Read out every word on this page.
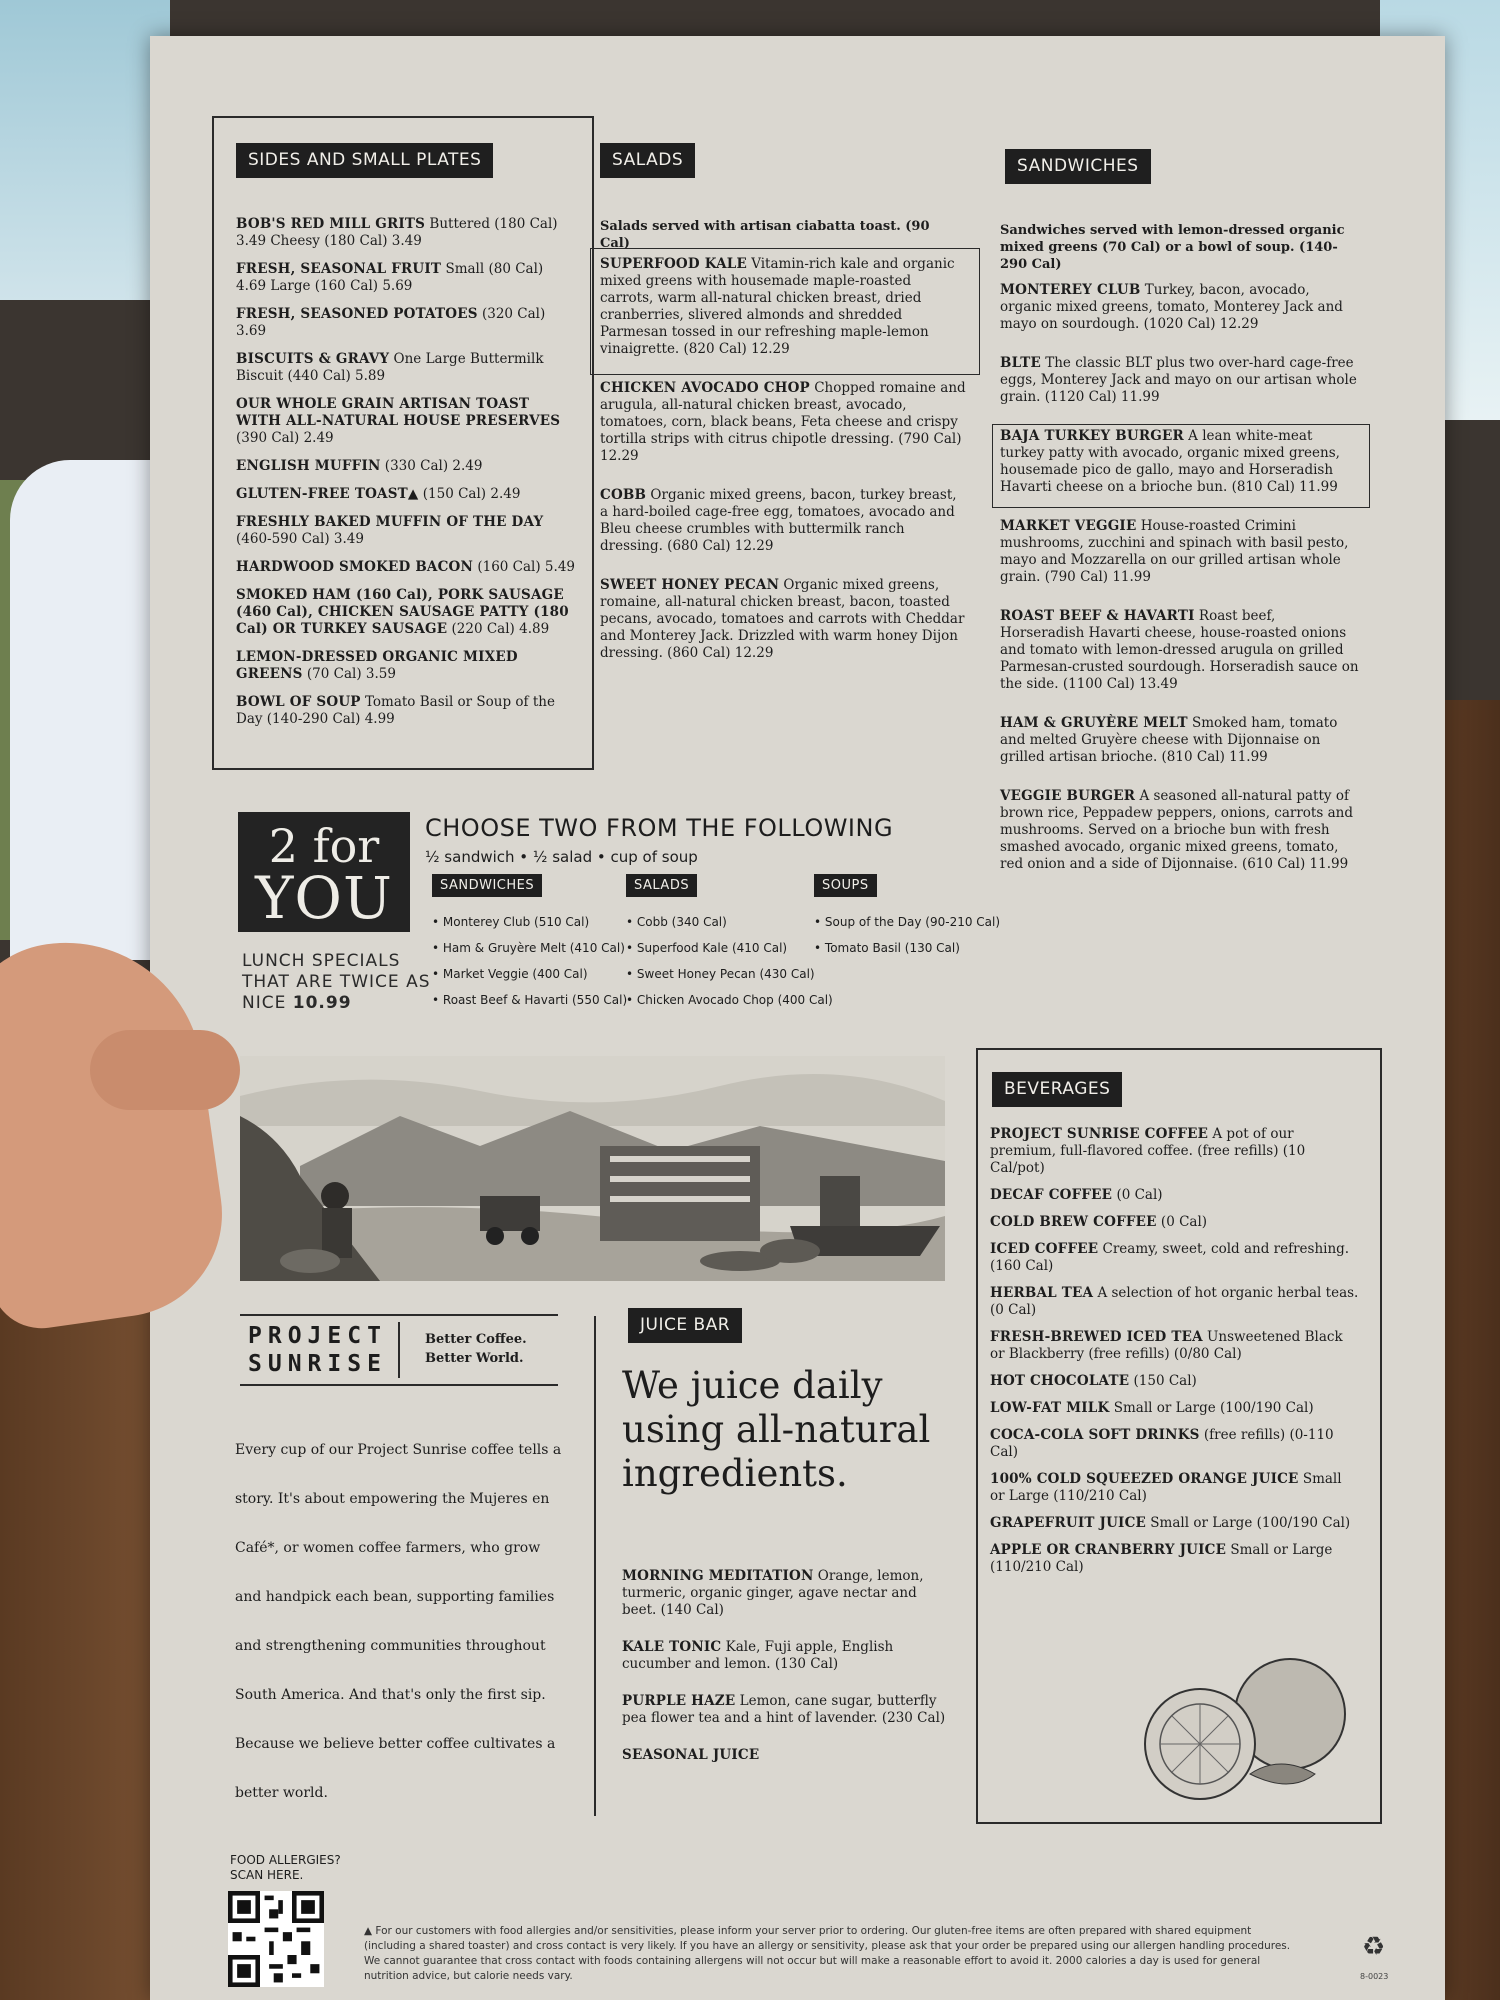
SIDES AND SMALL PLATES

BOB'S RED MILL GRITS Buttered (180 Cal) 3.49 Cheesy (180 Cal) 3.49

FRESH, SEASONAL FRUIT Small (80 Cal) 4.69 Large (160 Cal) 5.69

FRESH, SEASONED POTATOES (320 Cal) 3.69

BISCUITS & GRAVY One Large Buttermilk Biscuit (440 Cal) 5.89

OUR WHOLE GRAIN ARTISAN TOAST WITH ALL-NATURAL HOUSE PRESERVES (390 Cal) 2.49

ENGLISH MUFFIN (330 Cal) 2.49

GLUTEN-FREE TOAST▲ (150 Cal) 2.49

FRESHLY BAKED MUFFIN OF THE DAY (460-590 Cal) 3.49

HARDWOOD SMOKED BACON (160 Cal) 5.49

SMOKED HAM (160 Cal), PORK SAUSAGE (460 Cal), CHICKEN SAUSAGE PATTY (180 Cal) OR TURKEY SAUSAGE (220 Cal) 4.89

LEMON-DRESSED ORGANIC MIXED GREENS (70 Cal) 3.59

BOWL OF SOUP Tomato Basil or Soup of the Day (140-290 Cal) 4.99

SALADS
Salads served with artisan ciabatta toast. (90 Cal)

SUPERFOOD KALE Vitamin-rich kale and organic mixed greens with housemade maple-roasted carrots, warm all-natural chicken breast, dried cranberries, slivered almonds and shredded Parmesan tossed in our refreshing maple-lemon vinaigrette. (820 Cal) 12.29

CHICKEN AVOCADO CHOP Chopped romaine and arugula, all-natural chicken breast, avocado, tomatoes, corn, black beans, Feta cheese and crispy tortilla strips with citrus chipotle dressing. (790 Cal) 12.29

COBB Organic mixed greens, bacon, turkey breast, a hard-boiled cage-free egg, tomatoes, avocado and Bleu cheese crumbles with buttermilk ranch dressing. (680 Cal) 12.29

SWEET HONEY PECAN Organic mixed greens, romaine, all-natural chicken breast, bacon, toasted pecans, avocado, tomatoes and carrots with Cheddar and Monterey Jack. Drizzled with warm honey Dijon dressing. (860 Cal) 12.29

SANDWICHES
Sandwiches served with lemon-dressed organic mixed greens (70 Cal) or a bowl of soup. (140-290 Cal)

MONTEREY CLUB Turkey, bacon, avocado, organic mixed greens, tomato, Monterey Jack and mayo on sourdough. (1020 Cal) 12.29

BLTE The classic BLT plus two over-hard cage-free eggs, Monterey Jack and mayo on our artisan whole grain. (1120 Cal) 11.99

BAJA TURKEY BURGER A lean white-meat turkey patty with avocado, organic mixed greens, housemade pico de gallo, mayo and Horseradish Havarti cheese on a brioche bun. (810 Cal) 11.99

MARKET VEGGIE House-roasted Crimini mushrooms, zucchini and spinach with basil pesto, mayo and Mozzarella on our grilled artisan whole grain. (790 Cal) 11.99

ROAST BEEF & HAVARTI Roast beef, Horseradish Havarti cheese, house-roasted onions and tomato with lemon-dressed arugula on grilled Parmesan-crusted sourdough. Horseradish sauce on the side. (1100 Cal) 13.49

HAM & GRUYÈRE MELT Smoked ham, tomato and melted Gruyère cheese with Dijonnaise on grilled artisan brioche. (810 Cal) 11.99

VEGGIE BURGER A seasoned all-natural patty of brown rice, Peppadew peppers, onions, carrots and mushrooms. Served on a brioche bun with fresh smashed avocado, organic mixed greens, tomato, red onion and a side of Dijonnaise. (610 Cal) 11.99

2 for
YOU
LUNCH SPECIALS THAT ARE TWICE AS NICE 10.99
CHOOSE TWO FROM THE FOLLOWING
½ sandwich • ½ salad • cup of soup
SANDWICHES
• Monterey Club (510 Cal)
• Ham & Gruyère Melt (410 Cal)
• Market Veggie (400 Cal)
• Roast Beef & Havarti (550 Cal)
SALADS
• Cobb (340 Cal)
• Superfood Kale (410 Cal)
• Sweet Honey Pecan (430 Cal)
• Chicken Avocado Chop (400 Cal)
SOUPS
• Soup of the Day (90-210 Cal)
• Tomato Basil (130 Cal)
PROJECT
SUNRISE
Better Coffee.
Better World.
Every cup of our Project Sunrise coffee tells a story. It's about empowering the Mujeres en Café*, or women coffee farmers, who grow and handpick each bean, supporting families and strengthening communities throughout South America. And that's only the first sip. Because we believe better coffee cultivates a better world.
JUICE BAR
We juice daily using all-natural ingredients.

MORNING MEDITATION Orange, lemon, turmeric, organic ginger, agave nectar and beet. (140 Cal)

KALE TONIC Kale, Fuji apple, English cucumber and lemon. (130 Cal)

PURPLE HAZE Lemon, cane sugar, butterfly pea flower tea and a hint of lavender. (230 Cal)

SEASONAL JUICE

BEVERAGES

PROJECT SUNRISE COFFEE A pot of our premium, full-flavored coffee. (free refills) (10 Cal/pot)

DECAF COFFEE (0 Cal)

COLD BREW COFFEE (0 Cal)

ICED COFFEE Creamy, sweet, cold and refreshing. (160 Cal)

HERBAL TEA A selection of hot organic herbal teas. (0 Cal)

FRESH-BREWED ICED TEA Unsweetened Black or Blackberry (free refills) (0/80 Cal)

HOT CHOCOLATE (150 Cal)

LOW-FAT MILK Small or Large (100/190 Cal)

COCA-COLA SOFT DRINKS (free refills) (0-110 Cal)

100% COLD SQUEEZED ORANGE JUICE Small or Large (110/210 Cal)

GRAPEFRUIT JUICE Small or Large (100/190 Cal)

APPLE OR CRANBERRY JUICE Small or Large (110/210 Cal)

FOOD ALLERGIES?
SCAN HERE.
▲ For our customers with food allergies and/or sensitivities, please inform your server prior to ordering. Our gluten-free items are often prepared with shared equipment (including a shared toaster) and cross contact is very likely. If you have an allergy or sensitivity, please ask that your order be prepared using our allergen handling procedures. We cannot guarantee that cross contact with foods containing allergens will not occur but will make a reasonable effort to avoid it. 2000 calories a day is used for general nutrition advice, but calorie needs vary.
♻
8-0023
